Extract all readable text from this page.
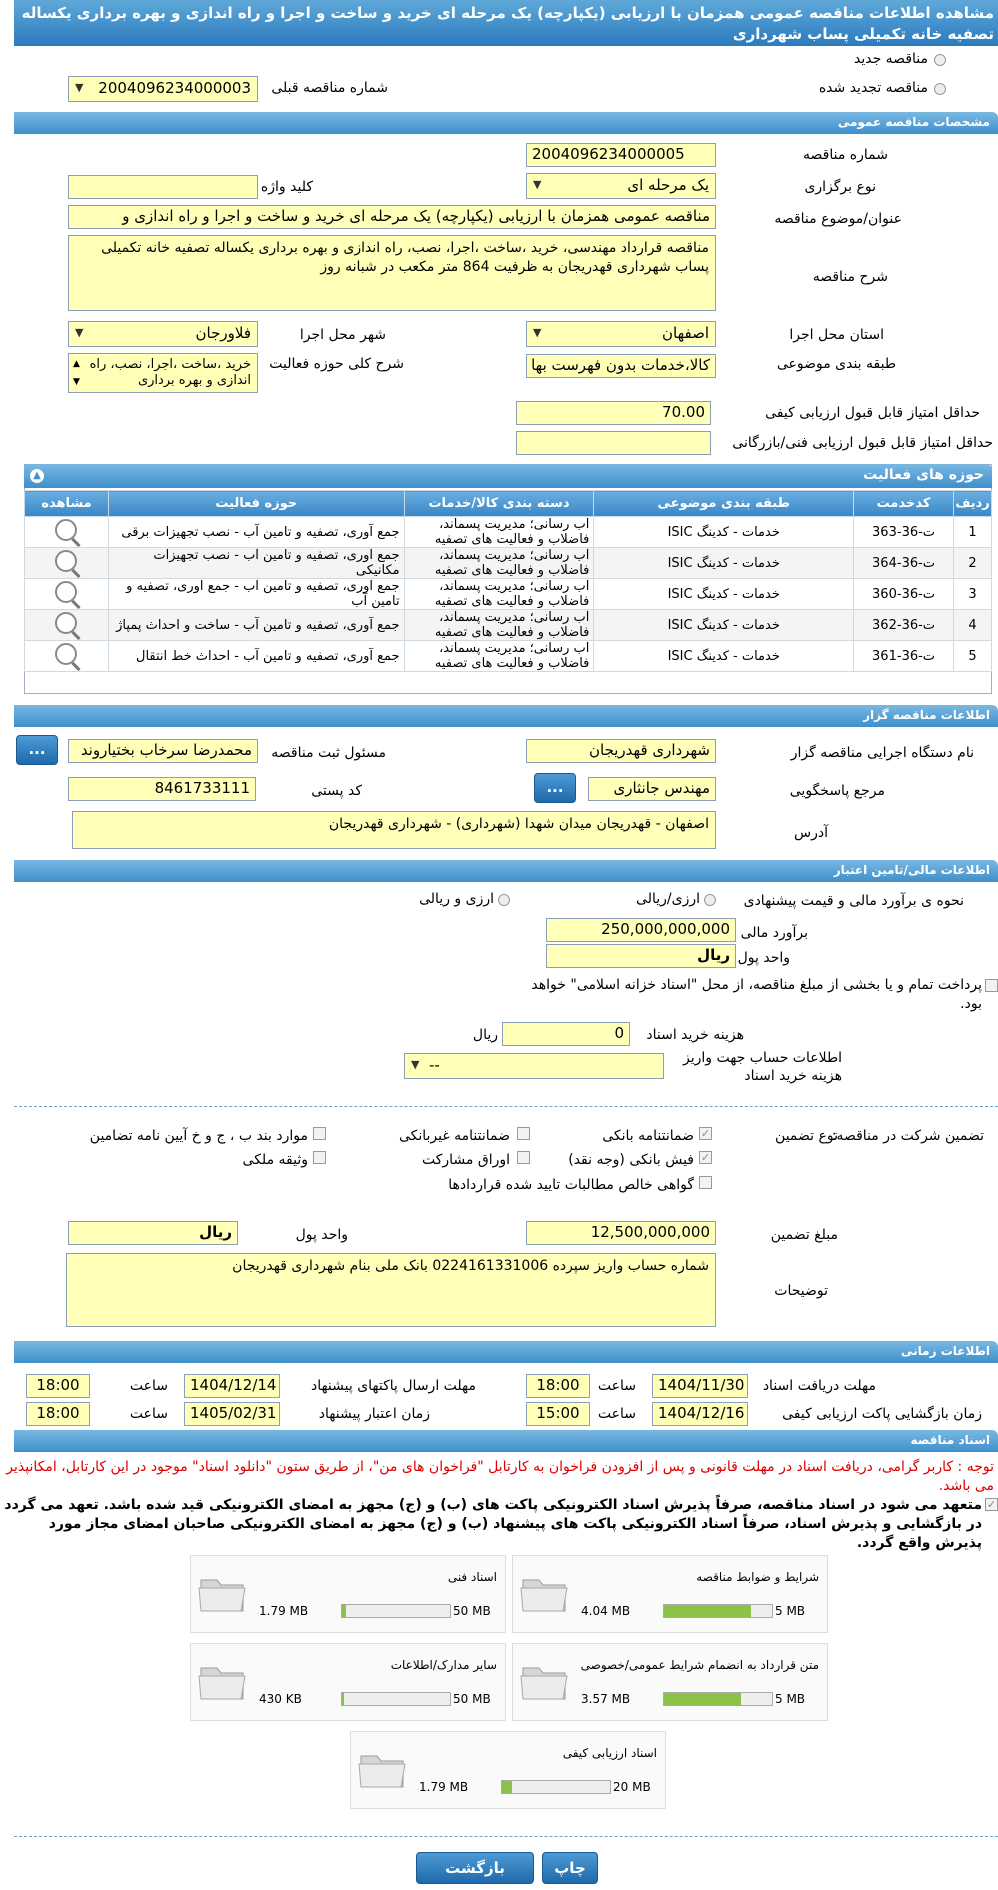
مشاهده اطلاعات مناقصه عمومی همزمان با ارزیابی (یکپارچه) یک مرحله ای خرید و ساخت و اجرا و راه اندازی و بهره برداری یکساله تصفیه خانه تکمیلی پساب شهرداری
مناقصه جدید
مناقصه تجدید شده
شماره مناقصه قبلی
2004096234000003
▼
مشخصات مناقصه عمومی
شماره مناقصه
2004096234000005
نوع برگزاری
یک مرحله ای
▼
کلید واژه
عنوان/موضوع مناقصه
مناقصه عمومی همزمان با ارزیابی (یکپارچه) یک مرحله ای خرید و ساخت و اجرا و راه اندازی و
شرح مناقصه
مناقصه قرارداد مهندسی، خرید ،ساخت ،اجرا، نصب، راه اندازی و بهره برداری یکساله تصفیه خانه تکمیلی پساب شهرداری قهدریجان به ظرفیت 864 متر مکعب در شبانه روز
استان محل اجرا
اصفهان
▼
شهر محل اجرا
فلاورجان
▼
طبقه بندی موضوعی
کالا،خدمات بدون فهرست بها
شرح کلی حوزه فعالیت
خرید ،ساخت ،اجرا، نصب، راه اندازی و بهره برداری
▲
▼
حداقل امتیاز قابل قبول ارزیابی کیفی
70.00
حداقل امتیاز قابل قبول ارزیابی فنی/بازرگانی
حوزه های فعالیت
▲
ردیف	کدخدمت	طبقه بندی موضوعی	دسته بندی کالا/خدمات	حوزه فعالیت	مشاهده
1	ت-36-363	خدمات - کدینگ ISIC	آب رسانی؛ مدیریت پسماند، فاضلاب و فعالیت های تصفیه	جمع آوری، تصفیه و تامین آب - نصب تجهیزات برقی	
2	ت-36-364	خدمات - کدینگ ISIC	آب رسانی؛ مدیریت پسماند، فاضلاب و فعالیت های تصفیه	جمع آوری، تصفیه و تامین آب - نصب تجهیزات مکانیکی	
3	ت-36-360	خدمات - کدینگ ISIC	آب رسانی؛ مدیریت پسماند، فاضلاب و فعالیت های تصفیه	جمع آوری، تصفیه و تامین آب - جمع آوری، تصفیه و تامین آب	
4	ت-36-362	خدمات - کدینگ ISIC	آب رسانی؛ مدیریت پسماند، فاضلاب و فعالیت های تصفیه	جمع آوری، تصفیه و تامین آب - ساخت و احداث پمپاژ	
5	ت-36-361	خدمات - کدینگ ISIC	آب رسانی؛ مدیریت پسماند، فاضلاب و فعالیت های تصفیه	جمع آوری، تصفیه و تامین آب - احداث خط انتقال	
اطلاعات مناقصه گزار
نام دستگاه اجرایی مناقصه گزار
شهرداری قهدریجان
مسئول ثبت مناقصه
محمدرضا سرخاب بختیاروند
...
مرجع پاسخگویی
مهندس جانثاری
...
کد پستی
8461733111
آدرس
اصفهان - قهدریجان میدان شهدا (شهرداری) - شهرداری قهدریجان
اطلاعات مالی/تامین اعتبار
نحوه ی برآورد مالی و قیمت پیشنهادی
ارزی/ریالی
ارزی و ریالی
برآورد مالی
250,000,000,000
واحد پول
ریال
پرداخت تمام و یا بخشی از مبلغ مناقصه، از محل "اسناد خزانه اسلامی" خواهد بود.
هزینه خرید اسناد
0
ریال
اطلاعات حساب جهت واریز هزینه خرید اسناد
--
▼
تضمین شرکت در مناقصه:
نوع تضمین
✓
ضمانتنامه بانکی
ضمانتنامه غیربانکی
موارد بند ب ، ج و خ آیین نامه تضامین
✓
فیش بانکی (وجه نقد)
اوراق مشارکت
وثیقه ملکی
گواهی خالص مطالبات تایید شده قراردادها
مبلغ تضمین
12,500,000,000
واحد پول
ریال
توضیحات
شماره حساب واریز سپرده 0224161331006 بانک ملی بنام شهرداری قهدریجان
اطلاعات زمانی
مهلت دریافت اسناد
1404/11/30
ساعت
18:00
مهلت ارسال پاکتهای پیشنهاد
1404/12/14
ساعت
18:00
زمان بازگشایی پاکت ارزیابی کیفی
1404/12/16
ساعت
15:00
زمان اعتبار پیشنهاد
1405/02/31
ساعت
18:00
اسناد مناقصه
توجه : کاربر گرامی، دریافت اسناد در مهلت قانونی و پس از افزودن فراخوان به کارتابل "فراخوان های من"، از طریق ستون "دانلود اسناد" موجود در این کارتابل، امکانپذیر می باشد.
✓
متعهد می شود در اسناد مناقصه، صرفاً پذیرش اسناد الکترونیکی پاکت های (ب) و (ج) مجهز به امضای الکترونیکی قید شده باشد. تعهد می گردد در بازگشایی و پذیرش اسناد، صرفاً اسناد الکترونیکی پاکت های پیشنهاد (ب) و (ج) مجهز به امضای الکترونیکی صاحبان امضای مجاز مورد پذیرش واقع گردد.
شرایط و ضوابط مناقصه
4.04 MB	5 MB
اسناد فنی
1.79 MB	50 MB
متن قرارداد به انضمام شرایط عمومی/خصوصی
3.57 MB	5 MB
سایر مدارک/اطلاعات
430 KB	50 MB
اسناد ارزیابی کیفی
1.79 MB	20 MB
چاپ
بازگشت
